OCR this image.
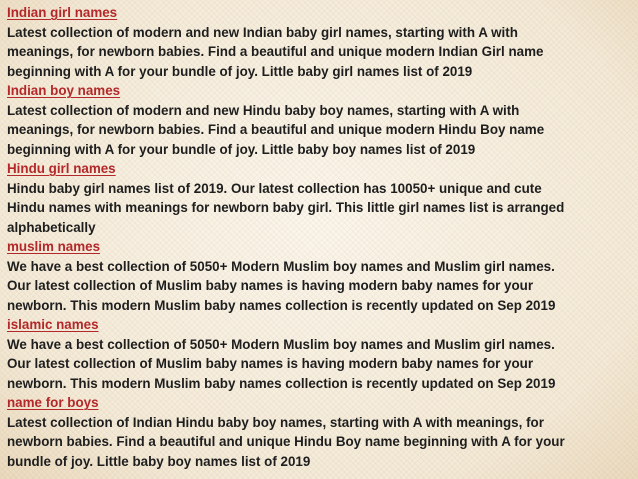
Indian girl names
Latest collection of modern and new Indian baby girl names, starting with A with
meanings, for newborn babies. Find a beautiful and unique modern Indian Girl name
beginning with A for your bundle of joy. Little baby girl names list of 2019
Indian boy names
Latest collection of modern and new Hindu baby boy names, starting with A with
meanings, for newborn babies. Find a beautiful and unique modern Hindu Boy name
beginning with A for your bundle of joy. Little baby boy names list of 2019
Hindu girl names
Hindu baby girl names list of 2019. Our latest collection has 10050+ unique and cute
Hindu names with meanings for newborn baby girl. This little girl names list is arranged
alphabetically
muslim names
We have a best collection of 5050+ Modern Muslim boy names and Muslim girl names.
Our latest collection of Muslim baby names is having modern baby names for your
newborn. This modern Muslim baby names collection is recently updated on Sep 2019
islamic names
We have a best collection of 5050+ Modern Muslim boy names and Muslim girl names.
Our latest collection of Muslim baby names is having modern baby names for your
newborn. This modern Muslim baby names collection is recently updated on Sep 2019
name for boys
Latest collection of Indian Hindu baby boy names, starting with A with meanings, for
newborn babies. Find a beautiful and unique Hindu Boy name beginning with A for your
bundle of joy. Little baby boy names list of 2019
